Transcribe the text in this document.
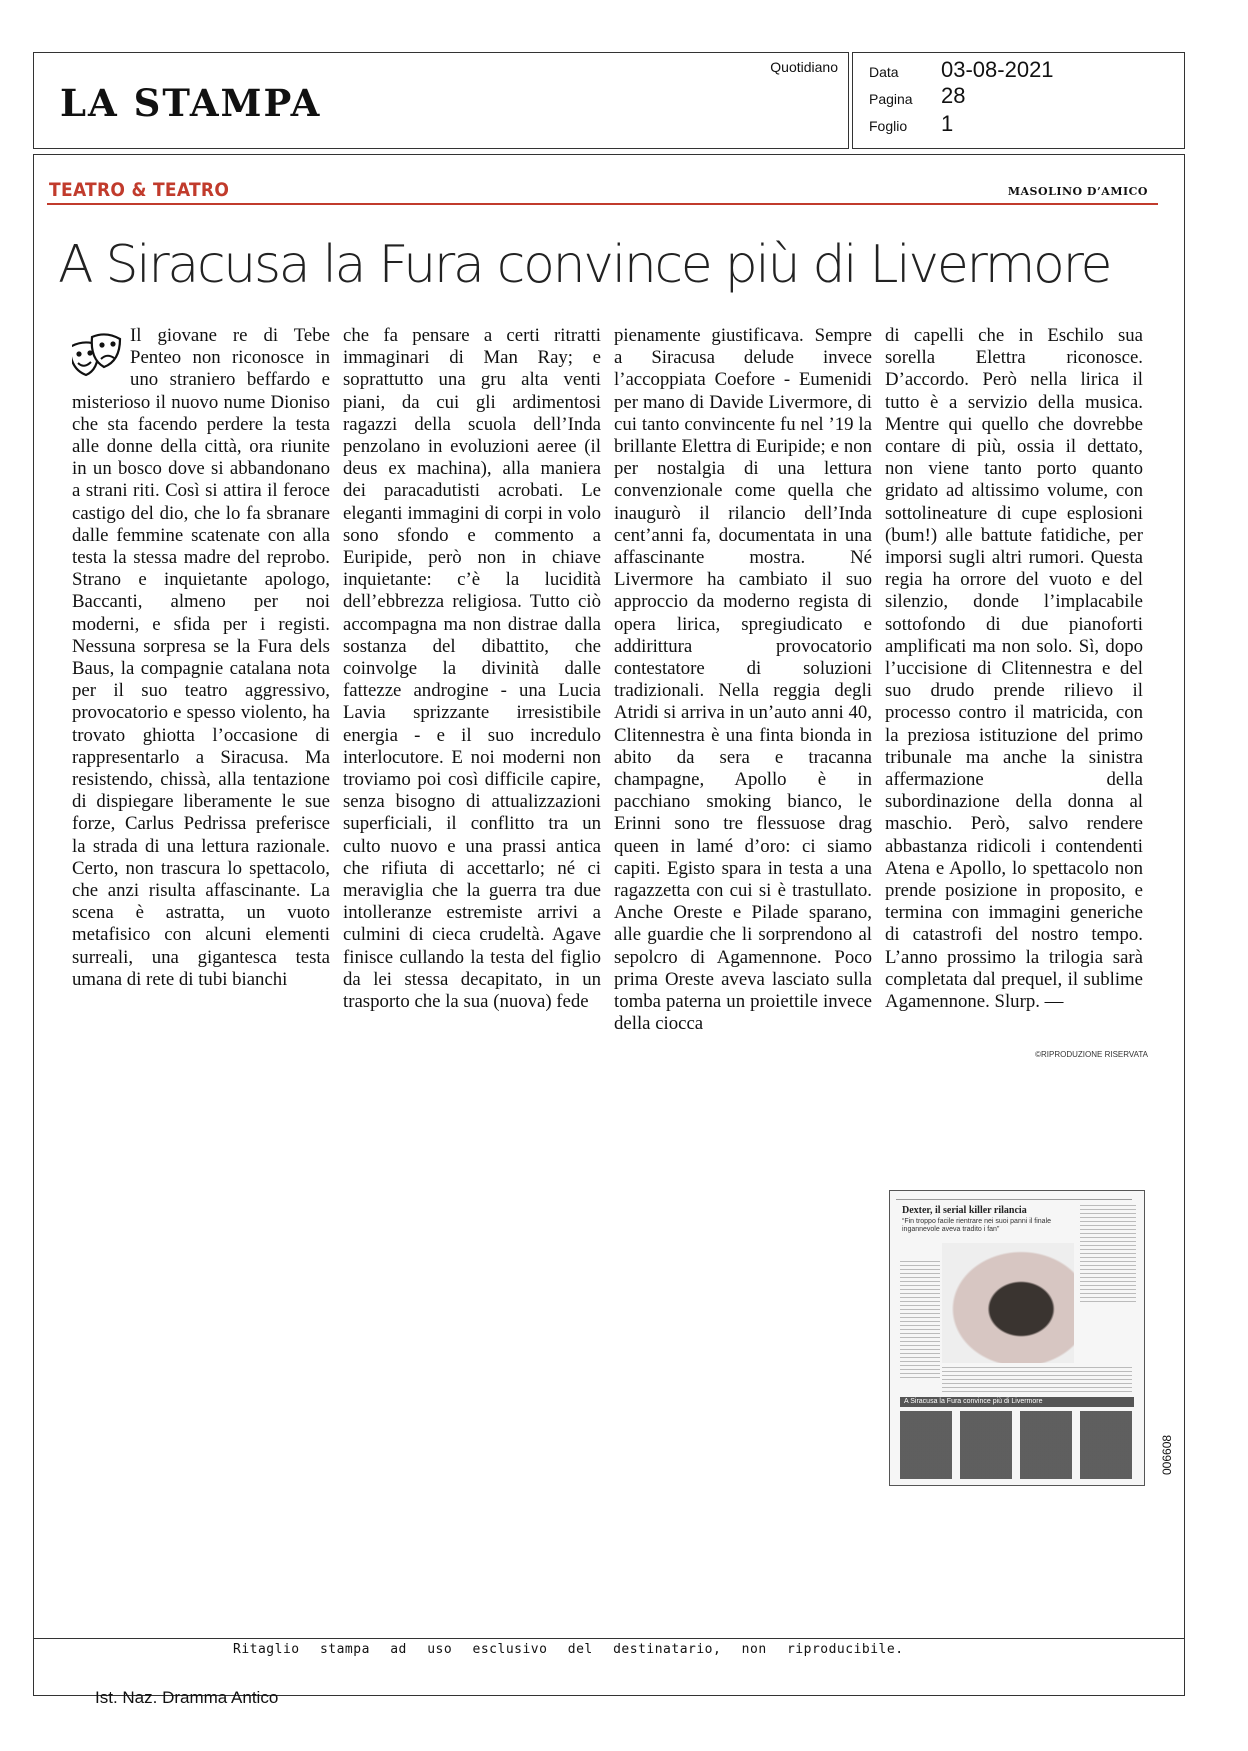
LA STAMPA
Quotidiano Data 03-08-2021
Pagina 28
Foglio 1
TEATRO & TEATRO	MASOLINO D’AMICO
A Siracusa la Fura convince più di Livermore

Il giovane re di Tebe Penteo non riconosce in uno straniero beffardo e misterioso il nuovo nume Dioniso che sta facendo perdere la testa alle donne della città, ora riunite in un bosco dove si abbandonano a strani riti. Così si attira il feroce castigo del dio, che lo fa sbranare dalle femmine scatenate con alla testa la stessa madre del reprobo. Strano e inquietante apologo, Baccanti, almeno per noi moderni, e sfida per i registi. Nessuna sorpresa se la Fura dels Baus, la compagnie catalana nota per il suo teatro aggressivo, provocatorio e spesso violento, ha trovato ghiotta l’occasione di rappresentarlo a Siracusa. Ma resistendo, chissà, alla tentazione di dispiegare liberamente le sue forze, Carlus Pedrissa preferisce la strada di una lettura razionale. Certo, non trascura lo spettacolo, che anzi risulta affascinante. La scena è astratta, un vuoto metafisico con alcuni elementi surreali, una gigantesca testa umana di rete di tubi bianchi

che fa pensare a certi ritratti immaginari di Man Ray; e soprattutto una gru alta venti piani, da cui gli ardimentosi ragazzi della scuola dell’Inda penzolano in evoluzioni aeree (il deus ex machina), alla maniera dei paracadutisti acrobati. Le eleganti immagini di corpi in volo sono sfondo e commento a Euripide, però non in chiave inquietante: c’è la lucidità dell’ebbrezza religiosa. Tutto ciò accompagna ma non distrae dalla sostanza del dibattito, che coinvolge la divinità dalle fattezze androgine - una Lucia Lavia sprizzante irresistibile energia - e il suo incredulo interlocutore. E noi moderni non troviamo poi così difficile capire, senza bisogno di attualizzazioni superficiali, il conflitto tra un culto nuovo e una prassi antica che rifiuta di accettarlo; né ci meraviglia che la guerra tra due intolleranze estremiste arrivi a culmini di cieca crudeltà. Agave finisce cullando la testa del figlio da lei stessa decapitato, in un trasporto che la sua (nuova) fede

pienamente giustificava. Sempre a Siracusa delude invece l’accoppiata Coefore - Eumenidi per mano di Davide Livermore, di cui tanto convincente fu nel ’19 la brillante Elettra di Euripide; e non per nostalgia di una lettura convenzionale come quella che inaugurò il rilancio dell’Inda cent’anni fa, documentata in una affascinante mostra. Né Livermore ha cambiato il suo approccio da moderno regista di opera lirica, spregiudicato e addirittura provocatorio contestatore di soluzioni tradizionali. Nella reggia degli Atridi si arriva in un’auto anni 40, Clitennestra è una finta bionda in abito da sera e tracanna champagne, Apollo è in pacchiano smoking bianco, le Erinni sono tre flessuose drag queen in lamé d’oro: ci siamo capiti. Egisto spara in testa a una ragazzetta con cui si è trastullato. Anche Oreste e Pilade sparano, alle guardie che li sorprendono al sepolcro di Agamennone. Poco prima Oreste aveva lasciato sulla tomba paterna un proiettile invece della ciocca

di capelli che in Eschilo sua sorella Elettra riconosce. D’accordo. Però nella lirica il tutto è a servizio della musica. Mentre qui quello che dovrebbe contare di più, ossia il dettato, non viene tanto porto quanto gridato ad altissimo volume, con sottolineature di cupe esplosioni (bum!) alle battute fatidiche, per imporsi sugli altri rumori. Questa regia ha orrore del vuoto e del silenzio, donde l’implacabile sottofondo di due pianoforti amplificati ma non solo. Sì, dopo l’uccisione di Clitennestra e del suo drudo prende rilievo il processo contro il matricida, con la preziosa istituzione del primo tribunale ma anche la sinistra affermazione della subordinazione della donna al maschio. Però, salvo rendere abbastanza ridicoli i contendenti Atena e Apollo, lo spettacolo non prende posizione in proposito, e termina con immagini generiche di catastrofi del nostro tempo. L’anno prossimo la trilogia sarà completata dal prequel, il sublime Agamennone. Slurp. —

©RIPRODUZIONE RISERVATA
Dexter, il serial killer rilancia
“Fin troppo facile rientrare nei suoi panni il finale ingannevole aveva tradito i fan”
A Siracusa la Fura convince più di Livermore
006608
Ritaglio stampa ad uso esclusivo del destinatario, non riproducibile.
Ist. Naz. Dramma Antico
